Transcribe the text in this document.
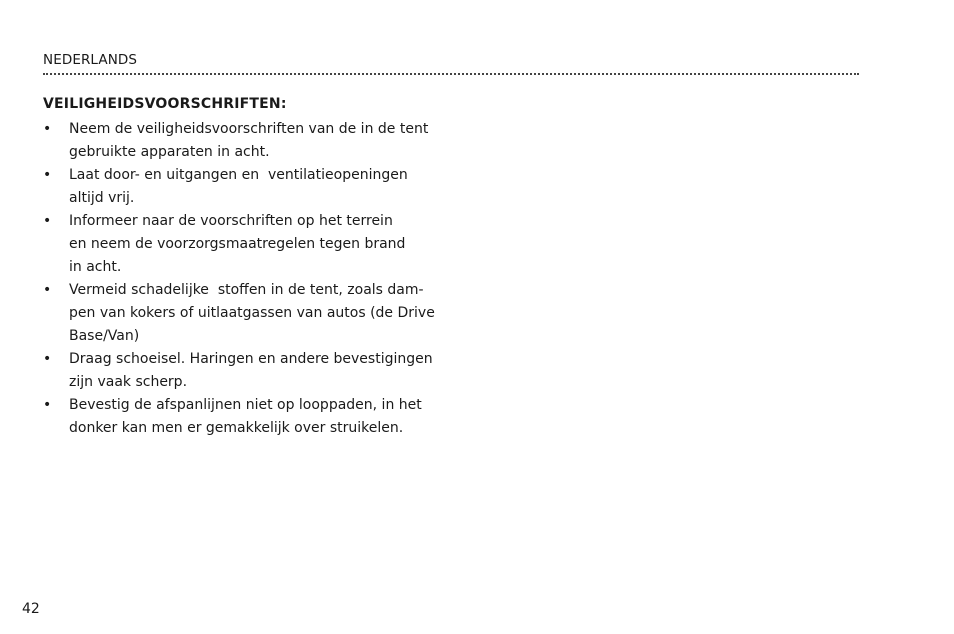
NEDERLANDS
VEILIGHEIDSVOORSCHRIFTEN:
• Neem de veiligheidsvoorschriften van de in de tent
gebruikte apparaten in acht.
• Laat door- en uitgangen en  ventilatieopeningen
altijd vrij.
• Informeer naar de voorschriften op het terrein
en neem de voorzorgsmaatregelen tegen brand
in acht.
• Vermeid schadelijke  stoffen in de tent, zoals dam-
pen van kokers of uitlaatgassen van autos (de Drive
Base/Van)
• Draag schoeisel. Haringen en andere bevestigingen
zijn vaak scherp.
• Bevestig de afspanlijnen niet op looppaden, in het
donker kan men er gemakkelijk over struikelen.
42
